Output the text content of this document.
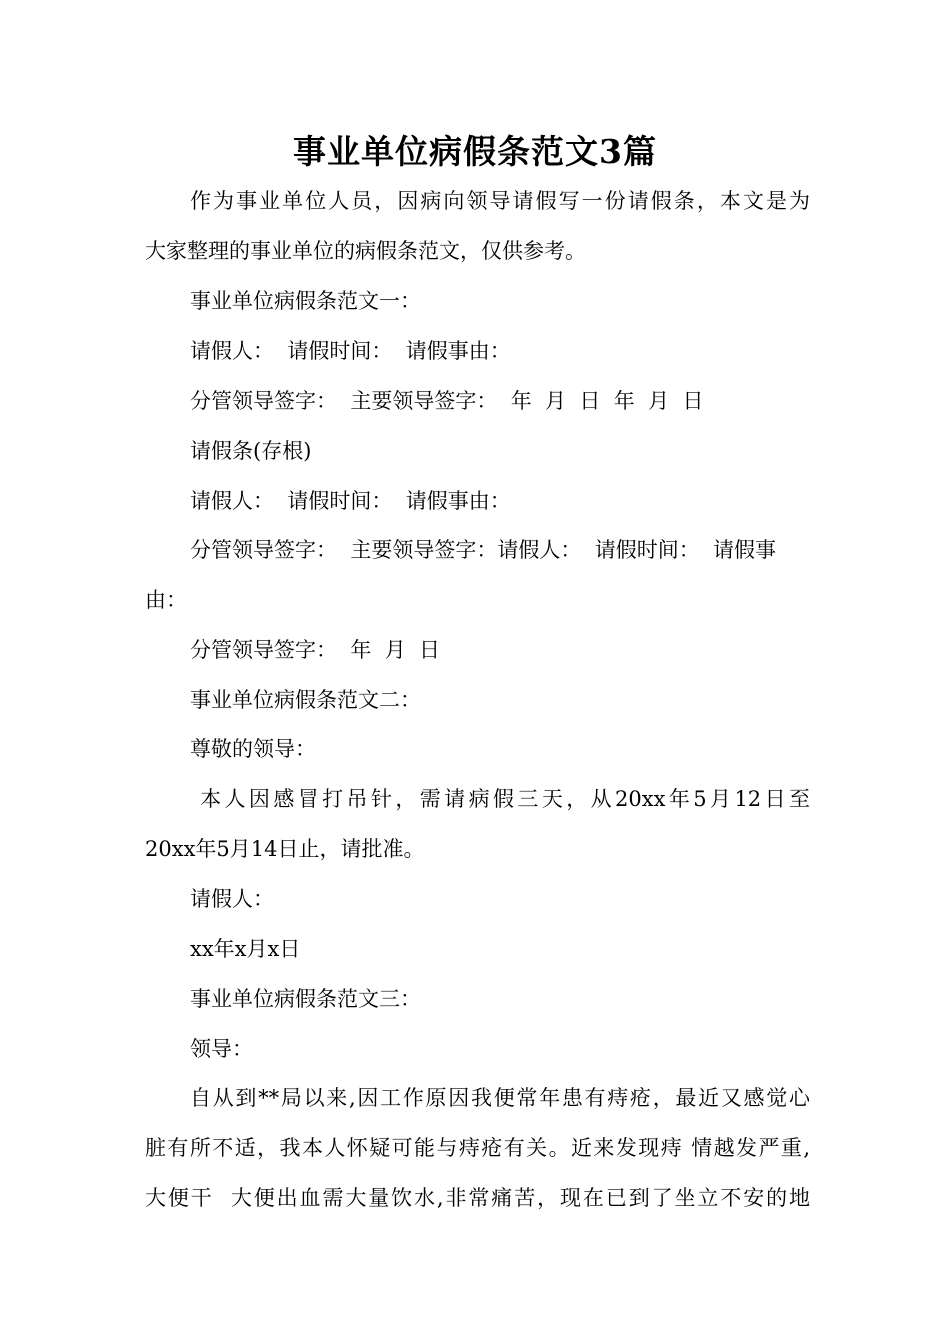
事业单位病假条范文3篇
作为事业单位人员，因病向领导请假写一份请假条，本文是为
大家整理的事业单位的病假条范文，仅供参考。
事业单位病假条范文一：
请假人：  请假时间：  请假事由：
分管领导签字：  主要领导签字：  年  月  日  年  月  日
请假条(存根)
请假人：  请假时间：  请假事由：
分管领导签字：  主要领导签字：请假人：  请假时间：  请假事
由：
分管领导签字：  年  月  日
事业单位病假条范文二：
尊敬的领导：
本人因感冒打吊针，需请病假三天，从20xx年5月12日至
20xx年5月14日止，请批准。
请假人：
xx年x月x日
事业单位病假条范文三：
领导：
自从到**局以来,因工作原因我便常年患有痔疮，最近又感觉心
脏有所不适，我本人怀疑可能与痔疮有关。近来发现痔 情越发严重,
大便干  大便出血需大量饮水,非常痛苦，现在已到了坐立不安的地
